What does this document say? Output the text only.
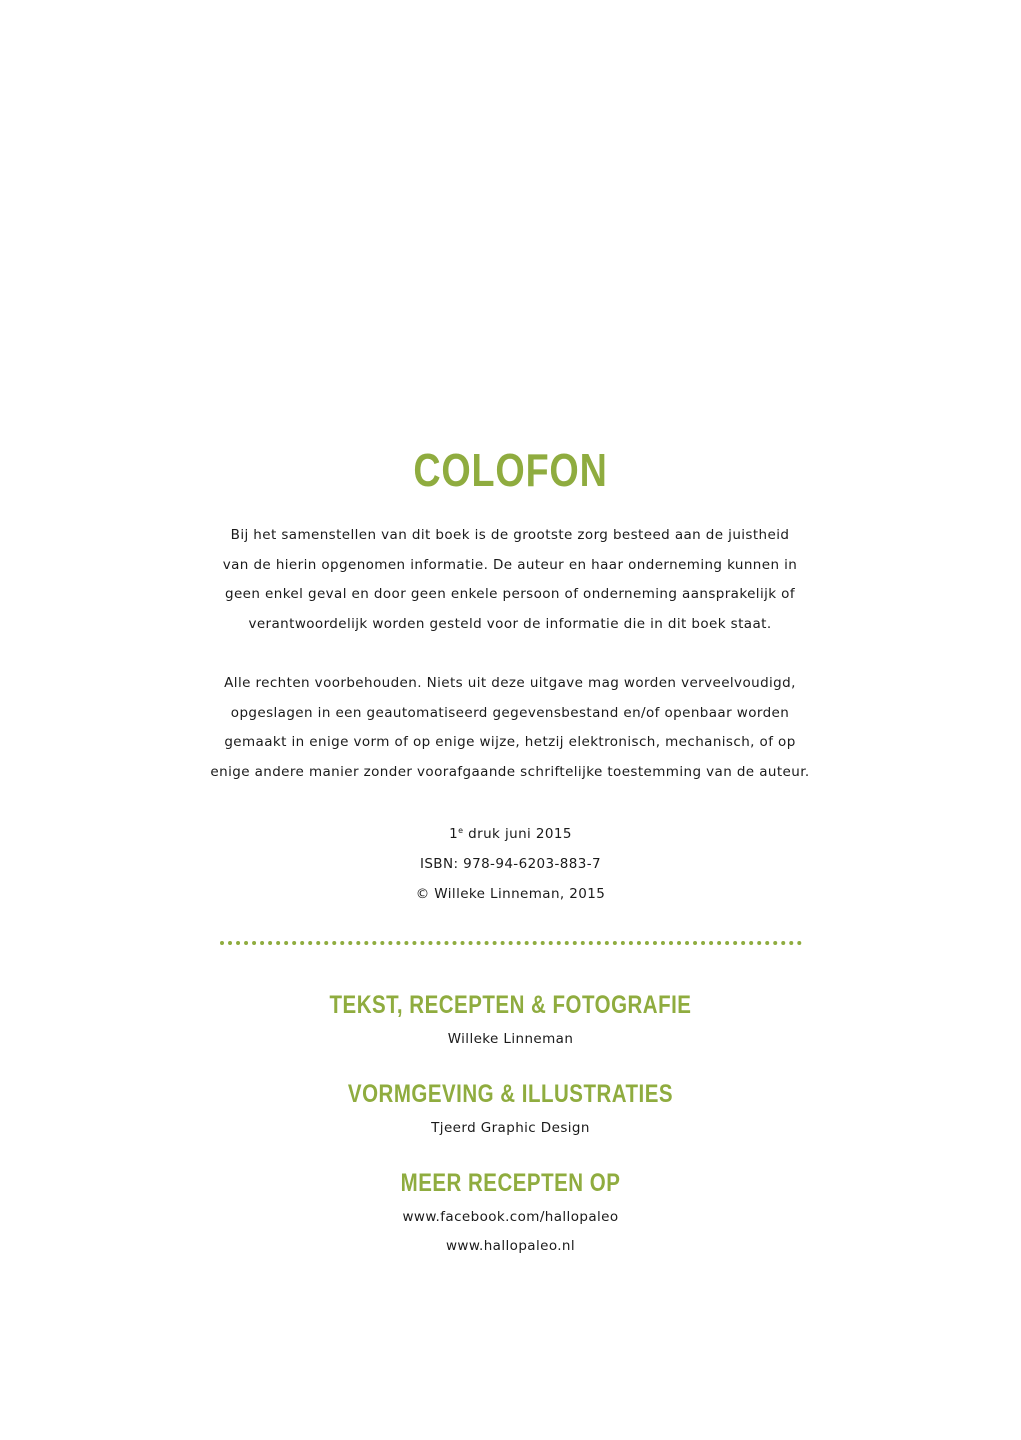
COLOFON

Bij het samenstellen van dit boek is de grootste zorg besteed aan de juistheid
van de hierin opgenomen informatie. De auteur en haar onderneming kunnen in
geen enkel geval en door geen enkele persoon of onderneming aansprakelijk of
verantwoordelijk worden gesteld voor de informatie die in dit boek staat.

Alle rechten voorbehouden. Niets uit deze uitgave mag worden verveelvoudigd,
opgeslagen in een geautomatiseerd gegevensbestand en/of openbaar worden
gemaakt in enige vorm of op enige wijze, hetzij elektronisch, mechanisch, of op
enige andere manier zonder voorafgaande schriftelijke toestemming van de auteur.

1e druk juni 2015
ISBN: 978-94-6203-883-7
© Willeke Linneman, 2015
TEKST, RECEPTEN & FOTOGRAFIE
Willeke Linneman
VORMGEVING & ILLUSTRATIES
Tjeerd Graphic Design
MEER RECEPTEN OP
www.facebook.com/hallopaleo
www.hallopaleo.nl
